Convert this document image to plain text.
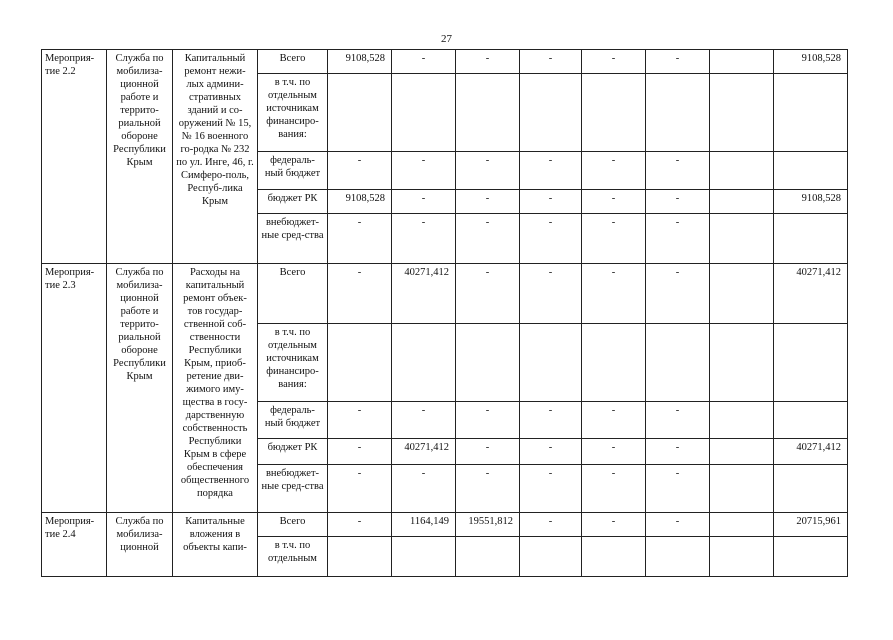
27
Мероприя-тие 2.2	Служба по мобилиза-ционной работе и террито-риальной обороне Республики Крым	Капитальный ремонт нежи-лых админи-стративных зданий и со-оружений № 15, № 16 военного го-родка № 232 по ул. Инге, 46, г. Симферо-поль, Респуб-лика Крым	Всего	9108,528	-	-	-	-	-		9108,528
			в т.ч. по отдельным источникам финансиро-вания:								
			федераль-ный бюджет	-	-	-	-	-	-		
			бюджет РК	9108,528	-	-	-	-	-		9108,528
			внебюджет-ные сред-ства	-	-	-	-	-	-		
Мероприя-тие 2.3	Служба по мобилиза-ционной работе и террито-риальной обороне Республики Крым	Расходы на капитальный ремонт объек-тов государ-ственной соб-ственности Республики Крым, приоб-ретение дви-жимого иму-щества в госу-дарственную собственность Республики Крым в сфере обеспечения общественного порядка	Всего	-	40271,412	-	-	-	-		40271,412
			в т.ч. по отдельным источникам финансиро-вания:								
			федераль-ный бюджет	-	-	-	-	-	-		
			бюджет РК	-	40271,412	-	-	-	-		40271,412
			внебюджет-ные сред-ства	-	-	-	-	-	-		
Мероприя-тие 2.4	Служба по мобилиза-ционной	Капитальные вложения в объекты капи-	Всего	-	1164,149	19551,812	-	-	-		20715,961
			в т.ч. по отдельным								
